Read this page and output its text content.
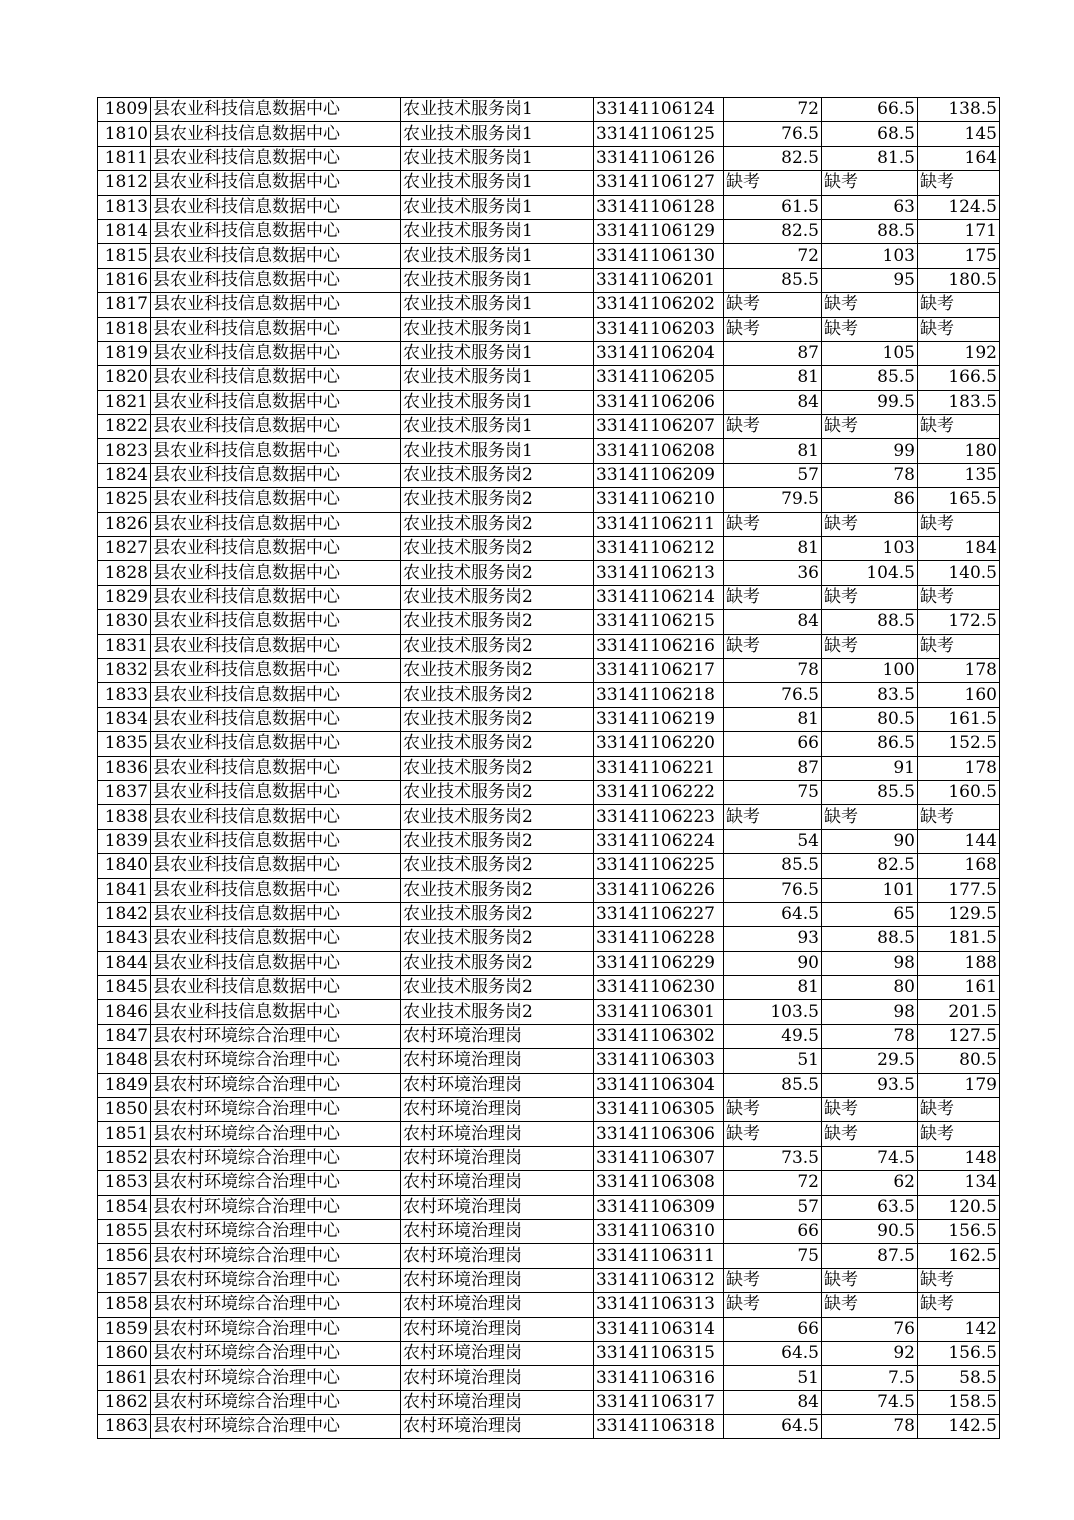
1809	县农业科技信息数据中心	农业技术服务岗1	33141106124	72	66.5	138.5
1810	县农业科技信息数据中心	农业技术服务岗1	33141106125	76.5	68.5	145
1811	县农业科技信息数据中心	农业技术服务岗1	33141106126	82.5	81.5	164
1812	县农业科技信息数据中心	农业技术服务岗1	33141106127	缺考	缺考	缺考
1813	县农业科技信息数据中心	农业技术服务岗1	33141106128	61.5	63	124.5
1814	县农业科技信息数据中心	农业技术服务岗1	33141106129	82.5	88.5	171
1815	县农业科技信息数据中心	农业技术服务岗1	33141106130	72	103	175
1816	县农业科技信息数据中心	农业技术服务岗1	33141106201	85.5	95	180.5
1817	县农业科技信息数据中心	农业技术服务岗1	33141106202	缺考	缺考	缺考
1818	县农业科技信息数据中心	农业技术服务岗1	33141106203	缺考	缺考	缺考
1819	县农业科技信息数据中心	农业技术服务岗1	33141106204	87	105	192
1820	县农业科技信息数据中心	农业技术服务岗1	33141106205	81	85.5	166.5
1821	县农业科技信息数据中心	农业技术服务岗1	33141106206	84	99.5	183.5
1822	县农业科技信息数据中心	农业技术服务岗1	33141106207	缺考	缺考	缺考
1823	县农业科技信息数据中心	农业技术服务岗1	33141106208	81	99	180
1824	县农业科技信息数据中心	农业技术服务岗2	33141106209	57	78	135
1825	县农业科技信息数据中心	农业技术服务岗2	33141106210	79.5	86	165.5
1826	县农业科技信息数据中心	农业技术服务岗2	33141106211	缺考	缺考	缺考
1827	县农业科技信息数据中心	农业技术服务岗2	33141106212	81	103	184
1828	县农业科技信息数据中心	农业技术服务岗2	33141106213	36	104.5	140.5
1829	县农业科技信息数据中心	农业技术服务岗2	33141106214	缺考	缺考	缺考
1830	县农业科技信息数据中心	农业技术服务岗2	33141106215	84	88.5	172.5
1831	县农业科技信息数据中心	农业技术服务岗2	33141106216	缺考	缺考	缺考
1832	县农业科技信息数据中心	农业技术服务岗2	33141106217	78	100	178
1833	县农业科技信息数据中心	农业技术服务岗2	33141106218	76.5	83.5	160
1834	县农业科技信息数据中心	农业技术服务岗2	33141106219	81	80.5	161.5
1835	县农业科技信息数据中心	农业技术服务岗2	33141106220	66	86.5	152.5
1836	县农业科技信息数据中心	农业技术服务岗2	33141106221	87	91	178
1837	县农业科技信息数据中心	农业技术服务岗2	33141106222	75	85.5	160.5
1838	县农业科技信息数据中心	农业技术服务岗2	33141106223	缺考	缺考	缺考
1839	县农业科技信息数据中心	农业技术服务岗2	33141106224	54	90	144
1840	县农业科技信息数据中心	农业技术服务岗2	33141106225	85.5	82.5	168
1841	县农业科技信息数据中心	农业技术服务岗2	33141106226	76.5	101	177.5
1842	县农业科技信息数据中心	农业技术服务岗2	33141106227	64.5	65	129.5
1843	县农业科技信息数据中心	农业技术服务岗2	33141106228	93	88.5	181.5
1844	县农业科技信息数据中心	农业技术服务岗2	33141106229	90	98	188
1845	县农业科技信息数据中心	农业技术服务岗2	33141106230	81	80	161
1846	县农业科技信息数据中心	农业技术服务岗2	33141106301	103.5	98	201.5
1847	县农村环境综合治理中心	农村环境治理岗	33141106302	49.5	78	127.5
1848	县农村环境综合治理中心	农村环境治理岗	33141106303	51	29.5	80.5
1849	县农村环境综合治理中心	农村环境治理岗	33141106304	85.5	93.5	179
1850	县农村环境综合治理中心	农村环境治理岗	33141106305	缺考	缺考	缺考
1851	县农村环境综合治理中心	农村环境治理岗	33141106306	缺考	缺考	缺考
1852	县农村环境综合治理中心	农村环境治理岗	33141106307	73.5	74.5	148
1853	县农村环境综合治理中心	农村环境治理岗	33141106308	72	62	134
1854	县农村环境综合治理中心	农村环境治理岗	33141106309	57	63.5	120.5
1855	县农村环境综合治理中心	农村环境治理岗	33141106310	66	90.5	156.5
1856	县农村环境综合治理中心	农村环境治理岗	33141106311	75	87.5	162.5
1857	县农村环境综合治理中心	农村环境治理岗	33141106312	缺考	缺考	缺考
1858	县农村环境综合治理中心	农村环境治理岗	33141106313	缺考	缺考	缺考
1859	县农村环境综合治理中心	农村环境治理岗	33141106314	66	76	142
1860	县农村环境综合治理中心	农村环境治理岗	33141106315	64.5	92	156.5
1861	县农村环境综合治理中心	农村环境治理岗	33141106316	51	7.5	58.5
1862	县农村环境综合治理中心	农村环境治理岗	33141106317	84	74.5	158.5
1863	县农村环境综合治理中心	农村环境治理岗	33141106318	64.5	78	142.5
